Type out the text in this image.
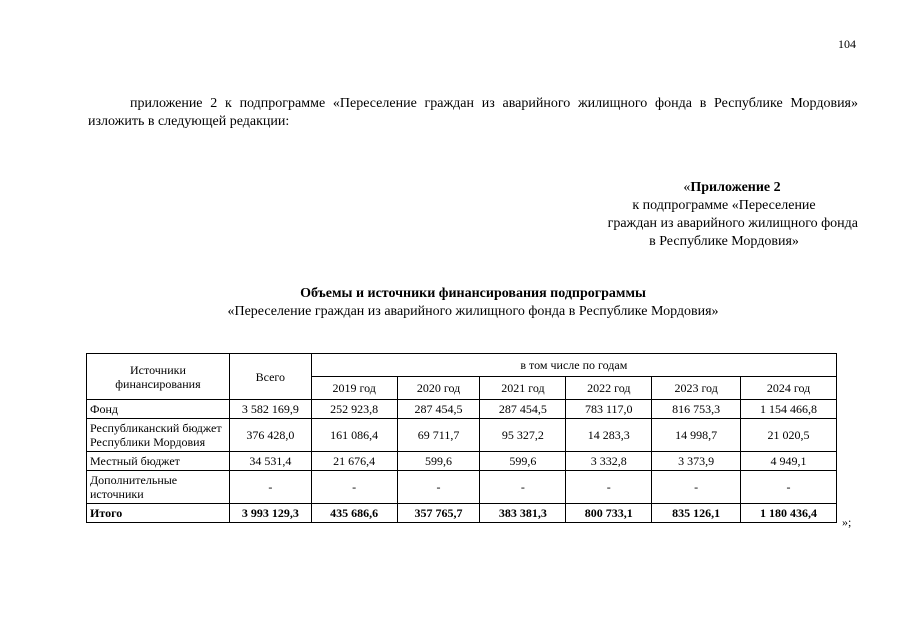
104

приложение 2 к подпрограмме «Переселение граждан из аварийного жилищного фонда в Республике Мордовия» изложить в следующей редакции:

«Приложение 2
к подпрограмме «Переселение
граждан из аварийного жилищного фонда
в Республике Мордовия»
Объемы и источники финансирования подпрограммы
«Переселение граждан из аварийного жилищного фонда в Республике Мордовия»
Источники финансирования	Всего	в том числе по годам					
		2019 год	2020 год	2021 год	2022 год	2023 год	2024 год
Фонд	3 582 169,9	252 923,8	287 454,5	287 454,5	783 117,0	816 753,3	1 154 466,8
Республиканский бюджет Республики Мордовия	376 428,0	161 086,4	69 711,7	95 327,2	14 283,3	14 998,7	21 020,5
Местный бюджет	34 531,4	21 676,4	599,6	599,6	3 332,8	3 373,9	4 949,1
Дополнительные источники	-	-	-	-	-	-	-
Итого	3 993 129,3	435 686,6	357 765,7	383 381,3	800 733,1	835 126,1	1 180 436,4
»;
